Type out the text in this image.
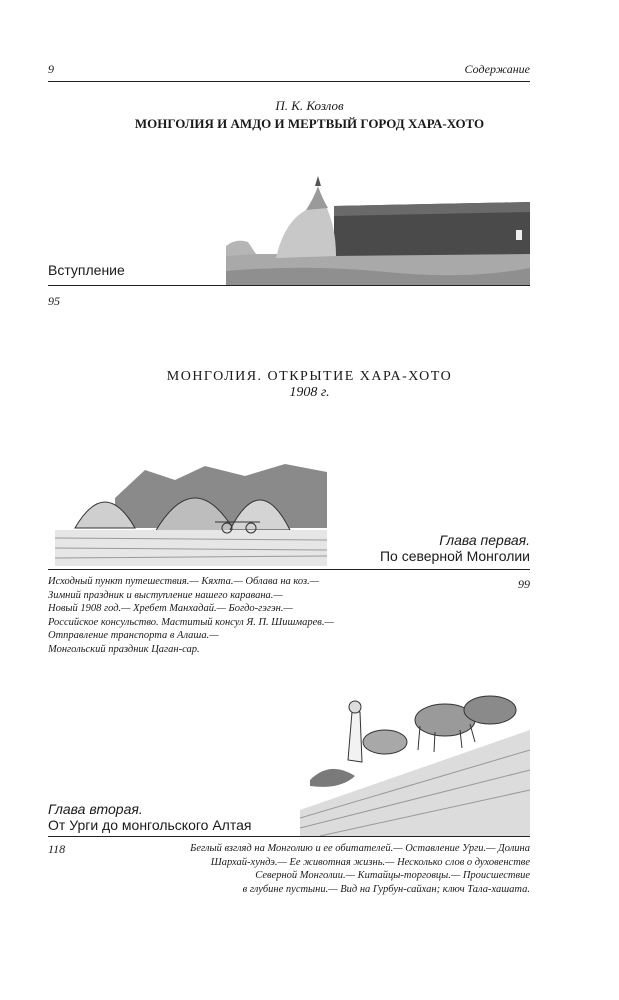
9	Содержание
П. К. Козлов
МОНГОЛИЯ И АМДО И МЕРТВЫЙ ГОРОД ХАРА-ХОТО
Вступление
95
МОНГОЛИЯ. ОТКРЫТИЕ ХАРА-ХОТО
1908 г.
Глава первая.
По северной Монголии
99
Исходный пункт путешествия.— Кяхта.— Облава на коз.—
Зимний праздник и выступление нашего каравана.—
Новый 1908 год.— Хребет Манхадай.— Богдо-гэгэн.—
Российское консульство. Маститый консул Я. П. Шишмарев.—
Отправление транспорта в Алаша.—
Монгольский праздник Цаган-сар.
Глава вторая.
От Урги до монгольского Алтая
118	Беглый взгляд на Монголию и ее обитателей.— Оставление Урги.— Долина
Шархай-хундэ.— Ее животная жизнь.— Несколько слов о духовенстве
Северной Монголии.— Китайцы-торговцы.— Происшествие
в глубине пустыни.— Вид на Гурбун-сайхан; ключ Тала-хашата.
